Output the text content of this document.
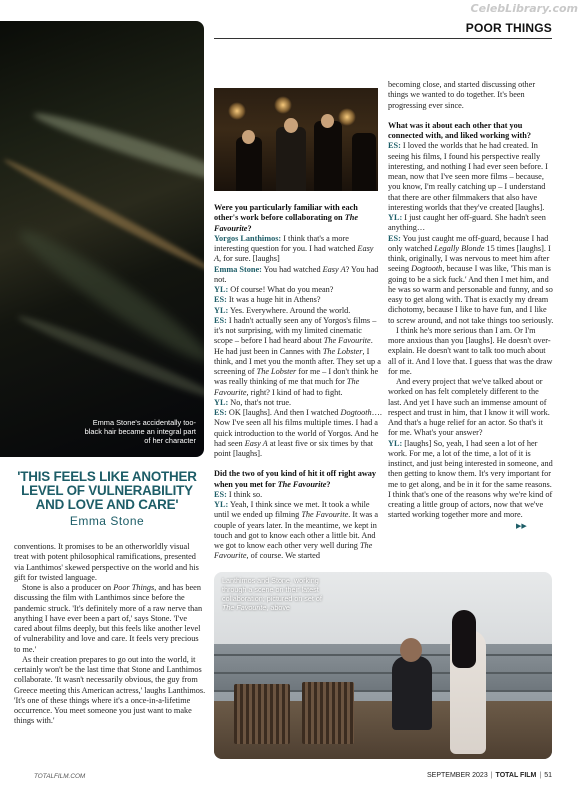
CelebLibrary.com
POOR THINGS
Emma Stone's accidentally too-black hair became an integral part of her character
'THIS FEELS LIKE ANOTHER LEVEL OF VULNERABILITY AND LOVE AND CARE'
Emma Stone

conventions. It promises to be an otherworldly visual treat with potent philosophical ramifications, presented via Lanthimos' skewed perspective on the world and his gift for twisted language.

Stone is also a producer on Poor Things, and has been discussing the film with Lanthimos since before the pandemic struck. 'It's definitely more of a raw nerve than anything I have ever been a part of,' says Stone. 'I've cared about films deeply, but this feels like another level of vulnerability and love and care. It feels very precious to me.'

As their creation prepares to go out into the world, it certainly won't be the last time that Stone and Lanthimos collaborate. 'It wasn't necessarily obvious, the guy from Greece meeting this American actress,' laughs Lanthimos. 'It's one of these things where it's a once-in-a-lifetime occurrence. You meet someone you just want to make things with.'

Were you particularly familiar with each other's work before collaborating on The Favourite?

Yorgos Lanthimos: I think that's a more interesting question for you. I had watched Easy A, for sure. [laughs]

Emma Stone: You had watched Easy A? You had not.

YL: Of course! What do you mean?

ES: It was a huge hit in Athens?

YL: Yes. Everywhere. Around the world.

ES: I hadn't actually seen any of Yorgos's films – it's not surprising, with my limited cinematic scope – before I had heard about The Favourite. He had just been in Cannes with The Lobster, I think, and I met you the month after. They set up a screening of The Lobster for me – I don't think he was really thinking of me that much for The Favourite, right? I kind of had to fight.

YL: No, that's not true.

ES: OK [laughs]. And then I watched Dogtooth…. Now I've seen all his films multiple times. I had a quick introduction to the world of Yorgos. And he had seen Easy A at least five or six times by that point [laughs].

Did the two of you kind of hit it off right away when you met for The Favourite?

ES: I think so.

YL: Yeah, I think since we met. It took a while until we ended up filming The Favourite. It was a couple of years later. In the meantime, we kept in touch and got to know each other a little bit. And we got to know each other very well during The Favourite, of course. We started

becoming close, and started discussing other things we wanted to do together. It's been progressing ever since.

What was it about each other that you connected with, and liked working with?

ES: I loved the worlds that he had created. In seeing his films, I found his perspective really interesting, and nothing I had ever seen before. I mean, now that I've seen more films – because, you know, I'm really catching up – I understand that there are other filmmakers that also have interesting worlds that they've created [laughs].

YL: I just caught her off-guard. She hadn't seen anything…

ES: You just caught me off-guard, because I had only watched Legally Blonde 15 times [laughs]. I think, originally, I was nervous to meet him after seeing Dogtooth, because I was like, 'This man is going to be a sick fuck.' And then I met him, and he was so warm and personable and funny, and so easy to get along with. That is exactly my dream dichotomy, because I like to have fun, and I like to screw around, and not take things too seriously.

I think he's more serious than I am. Or I'm more anxious than you [laughs]. He doesn't over-explain. He doesn't want to talk too much about all of it. And I love that. I guess that was the draw for me.

And every project that we've talked about or worked on has felt completely different to the last. And yet I have such an immense amount of respect and trust in him, that I know it will work. And that's a huge relief for an actor. So that's it for me. What's your answer?

YL: [laughs] So, yeah, I had seen a lot of her work. For me, a lot of the time, a lot of it is instinct, and just being interested in someone, and then getting to know them. It's very important for me to get along, and be in it for the same reasons. I think that's one of the reasons why we're kind of creating a little group of actors, now that we've started working together more and more.

▶▶

Lanthimos and Stone, working through a scene on their latest collaboration; pictured on set of The Favourite, above
TOTALFILM.COM	SEPTEMBER 2023 | TOTAL FILM | 51
